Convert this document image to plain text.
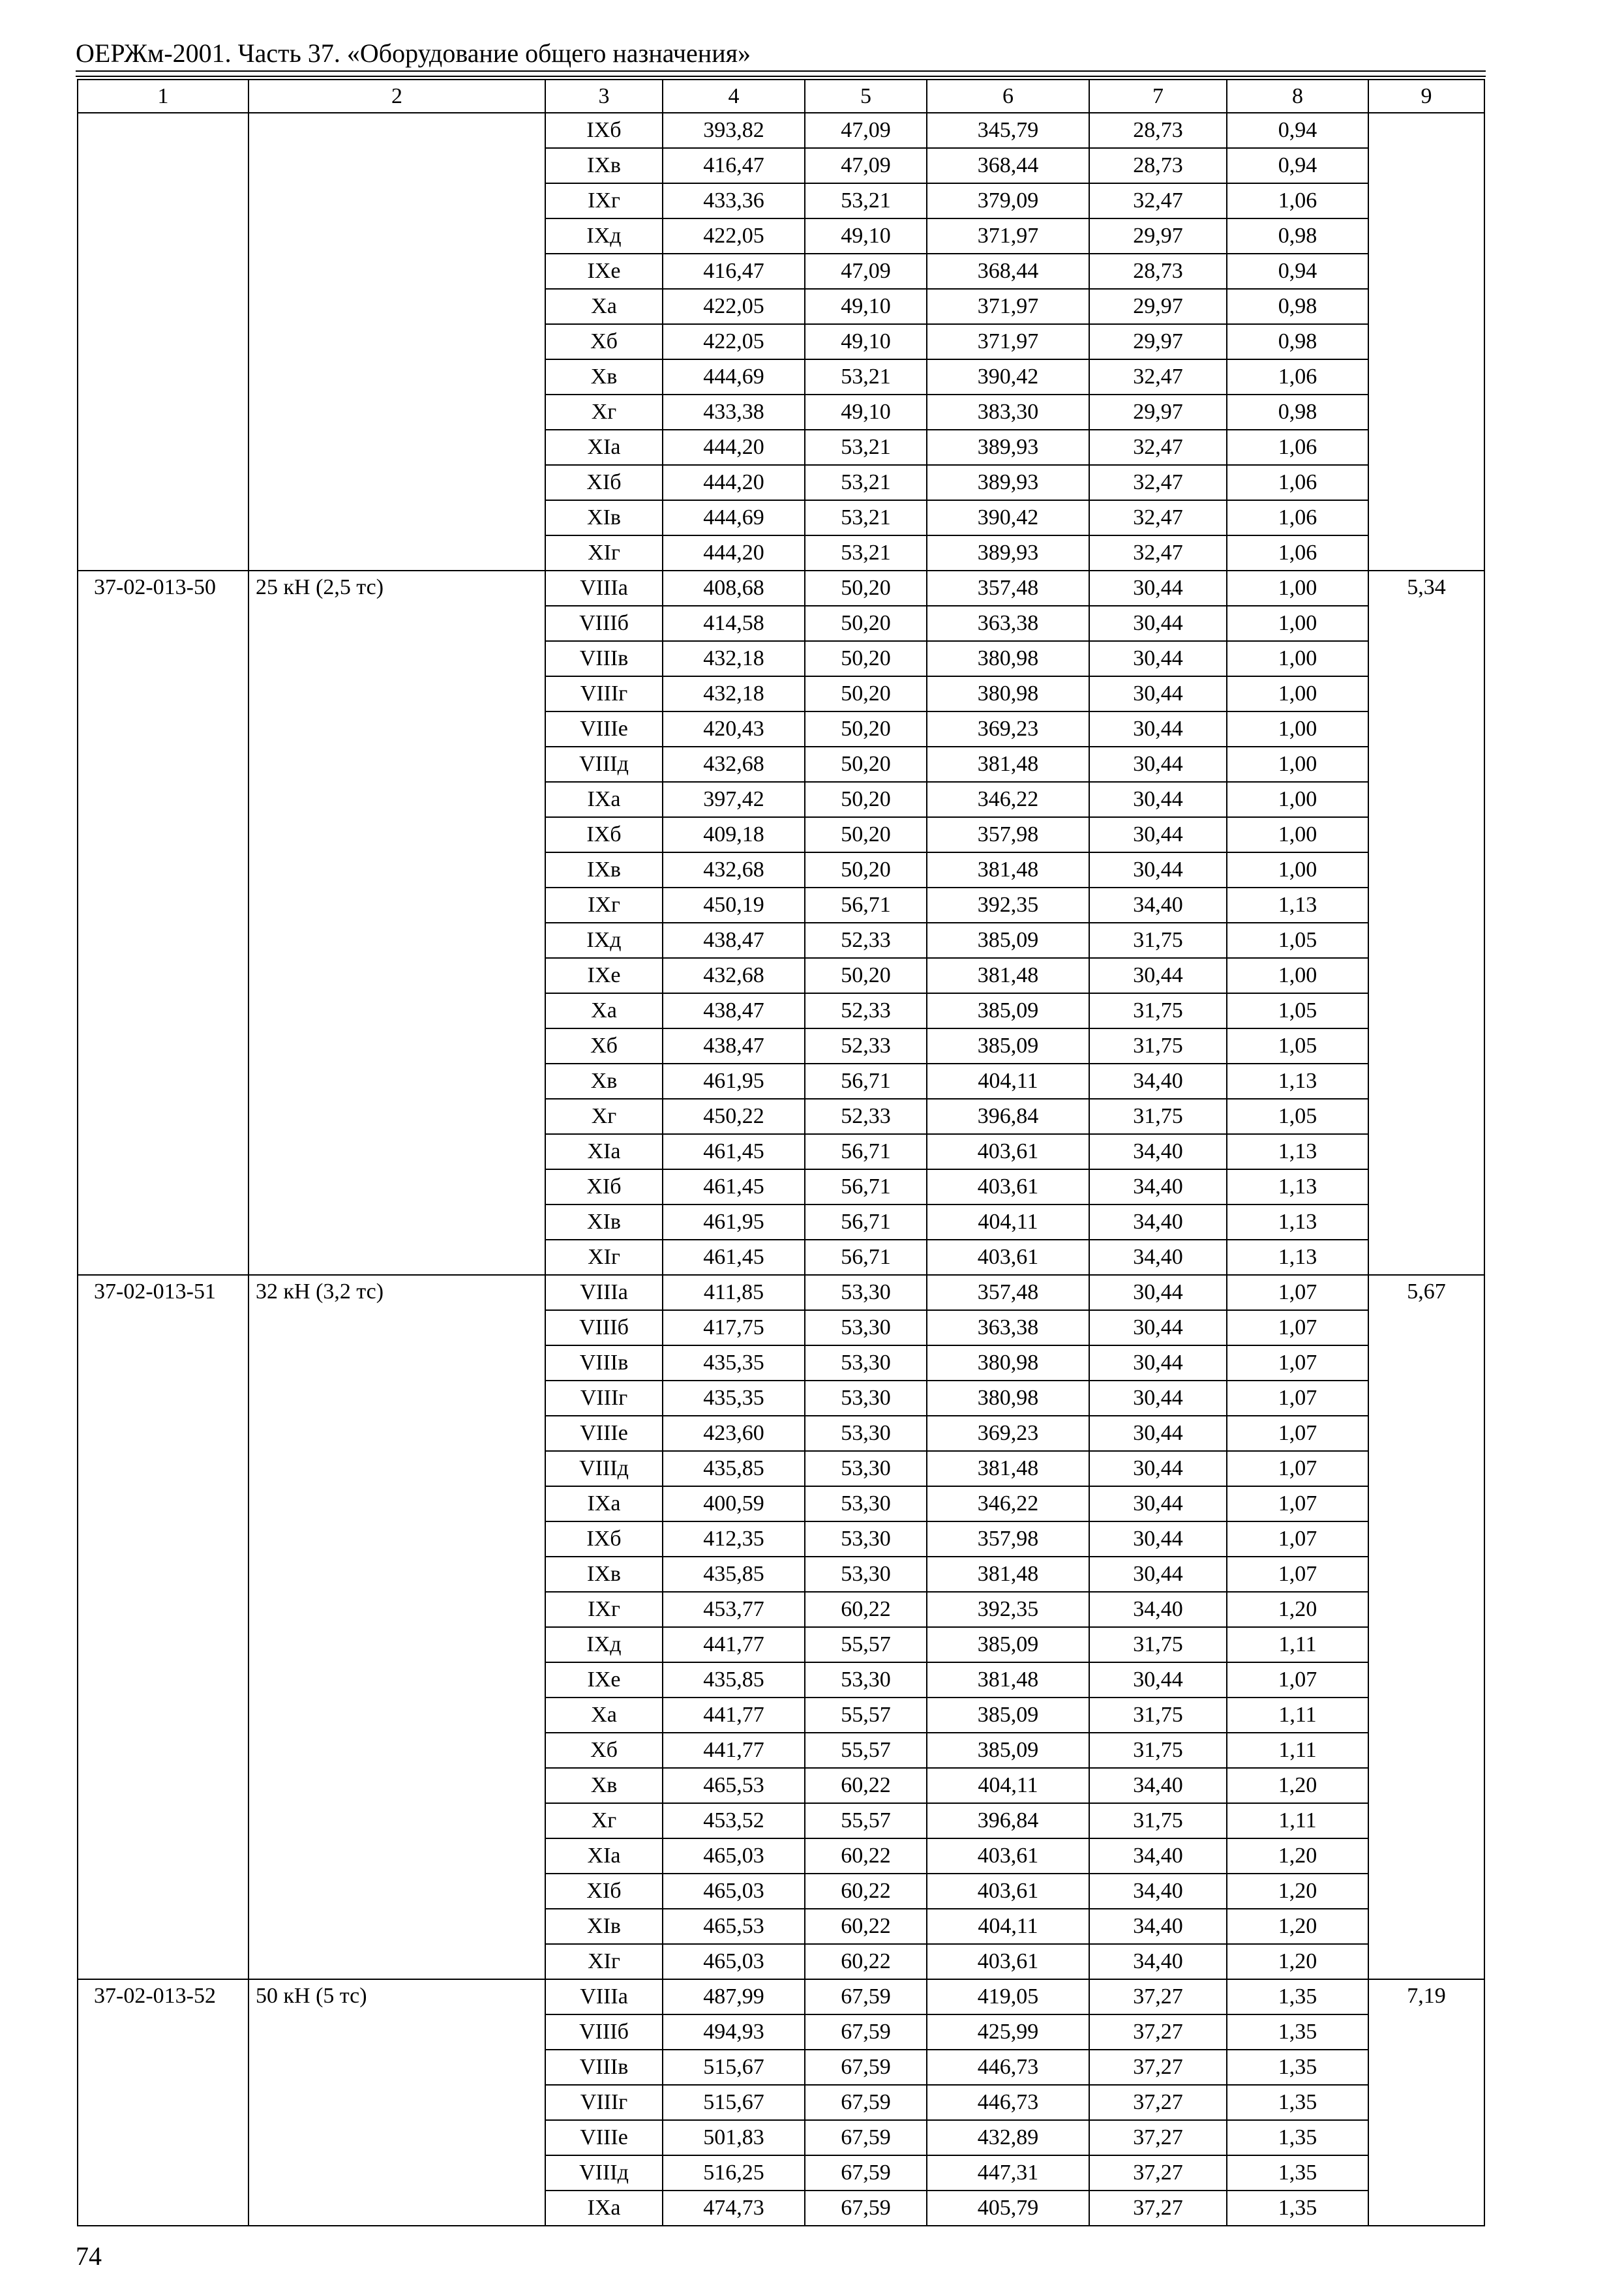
ОЕРЖм-2001. Часть 37. «Оборудование общего назначения»
1	2	3	4	5	6	7	8	9
		IXб	393,82	47,09	345,79	28,73	0,94	
		IXв	416,47	47,09	368,44	28,73	0,94	
		IXг	433,36	53,21	379,09	32,47	1,06	
		IXд	422,05	49,10	371,97	29,97	0,98	
		IXе	416,47	47,09	368,44	28,73	0,94	
		Xа	422,05	49,10	371,97	29,97	0,98	
		Xб	422,05	49,10	371,97	29,97	0,98	
		Xв	444,69	53,21	390,42	32,47	1,06	
		Xг	433,38	49,10	383,30	29,97	0,98	
		XIа	444,20	53,21	389,93	32,47	1,06	
		XIб	444,20	53,21	389,93	32,47	1,06	
		XIв	444,69	53,21	390,42	32,47	1,06	
		XIг	444,20	53,21	389,93	32,47	1,06	
37-02-013-50	25 кН (2,5 тс)	VIIIа	408,68	50,20	357,48	30,44	1,00	5,34
		VIIIб	414,58	50,20	363,38	30,44	1,00	
		VIIIв	432,18	50,20	380,98	30,44	1,00	
		VIIIг	432,18	50,20	380,98	30,44	1,00	
		VIIIе	420,43	50,20	369,23	30,44	1,00	
		VIIIд	432,68	50,20	381,48	30,44	1,00	
		IXа	397,42	50,20	346,22	30,44	1,00	
		IXб	409,18	50,20	357,98	30,44	1,00	
		IXв	432,68	50,20	381,48	30,44	1,00	
		IXг	450,19	56,71	392,35	34,40	1,13	
		IXд	438,47	52,33	385,09	31,75	1,05	
		IXе	432,68	50,20	381,48	30,44	1,00	
		Xа	438,47	52,33	385,09	31,75	1,05	
		Xб	438,47	52,33	385,09	31,75	1,05	
		Xв	461,95	56,71	404,11	34,40	1,13	
		Xг	450,22	52,33	396,84	31,75	1,05	
		XIа	461,45	56,71	403,61	34,40	1,13	
		XIб	461,45	56,71	403,61	34,40	1,13	
		XIв	461,95	56,71	404,11	34,40	1,13	
		XIг	461,45	56,71	403,61	34,40	1,13	
37-02-013-51	32 кН (3,2 тс)	VIIIа	411,85	53,30	357,48	30,44	1,07	5,67
		VIIIб	417,75	53,30	363,38	30,44	1,07	
		VIIIв	435,35	53,30	380,98	30,44	1,07	
		VIIIг	435,35	53,30	380,98	30,44	1,07	
		VIIIе	423,60	53,30	369,23	30,44	1,07	
		VIIIд	435,85	53,30	381,48	30,44	1,07	
		IXа	400,59	53,30	346,22	30,44	1,07	
		IXб	412,35	53,30	357,98	30,44	1,07	
		IXв	435,85	53,30	381,48	30,44	1,07	
		IXг	453,77	60,22	392,35	34,40	1,20	
		IXд	441,77	55,57	385,09	31,75	1,11	
		IXе	435,85	53,30	381,48	30,44	1,07	
		Xа	441,77	55,57	385,09	31,75	1,11	
		Xб	441,77	55,57	385,09	31,75	1,11	
		Xв	465,53	60,22	404,11	34,40	1,20	
		Xг	453,52	55,57	396,84	31,75	1,11	
		XIа	465,03	60,22	403,61	34,40	1,20	
		XIб	465,03	60,22	403,61	34,40	1,20	
		XIв	465,53	60,22	404,11	34,40	1,20	
		XIг	465,03	60,22	403,61	34,40	1,20	
37-02-013-52	50 кН (5 тс)	VIIIа	487,99	67,59	419,05	37,27	1,35	7,19
		VIIIб	494,93	67,59	425,99	37,27	1,35	
		VIIIв	515,67	67,59	446,73	37,27	1,35	
		VIIIг	515,67	67,59	446,73	37,27	1,35	
		VIIIе	501,83	67,59	432,89	37,27	1,35	
		VIIIд	516,25	67,59	447,31	37,27	1,35	
		IXа	474,73	67,59	405,79	37,27	1,35	
74
